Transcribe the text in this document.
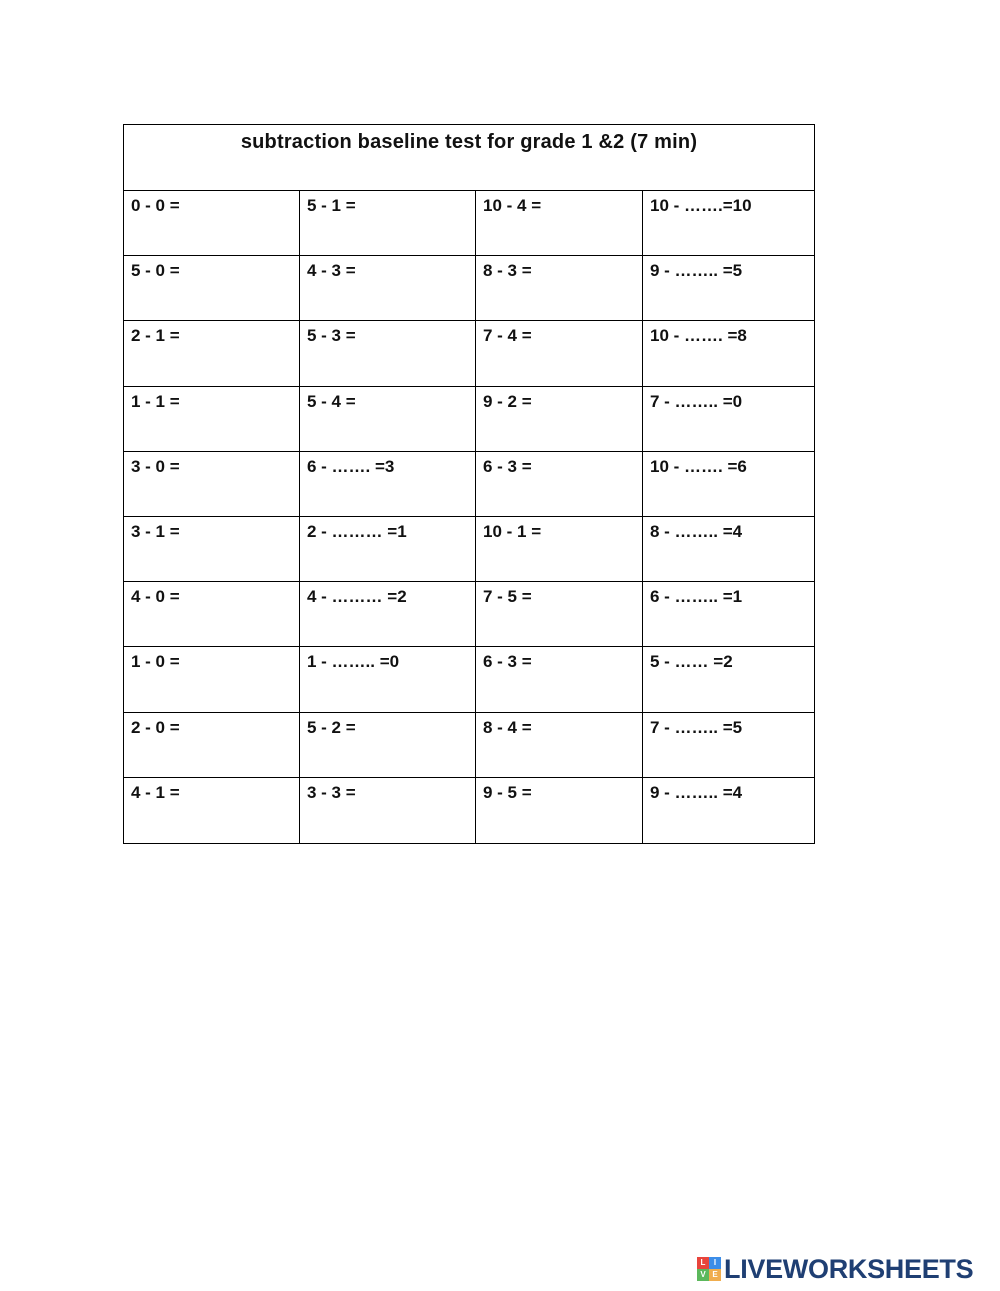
subtraction baseline test for grade 1 &2 (7 min)
0 - 0 =	5 - 1 =	10 - 4 =	10 - …….=10
5 - 0 =	4 - 3 =	8 - 3 =	9 - …….. =5
2 - 1 =	5 - 3 =	7 - 4 =	10 - ……. =8
1 - 1 =	5 - 4 =	9 - 2 =	7 - …….. =0
3 - 0 =	6 - ……. =3	6 - 3 =	10 - ……. =6
3 - 1 =	2 - ……… =1	10 - 1 =	8 - …….. =4
4 - 0 =	4 - ……… =2	7 - 5 =	6 - …….. =1
1 - 0 =	1 - …….. =0	6 - 3 =	5 - …… =2
2 - 0 =	5 - 2 =	8 - 4 =	7 - …….. =5
4 - 1 =	3 - 3 =	9 - 5 =	9 - …….. =4
L	I
V E LIVEWORKSHEETS
